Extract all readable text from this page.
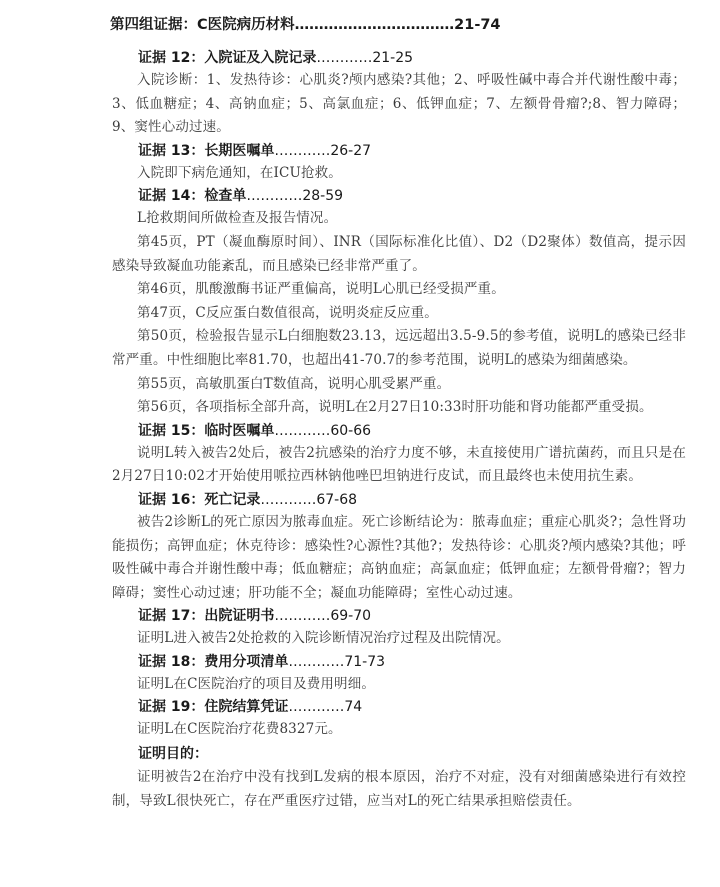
第四组证据：C医院病历材料……………………………21-74
证据 12：入院证及入院记录…………21-25

入院诊断：1、发热待诊：心肌炎?颅内感染?其他；2、呼吸性碱中毒合并代谢性酸中毒；3、低血糖症；4、高钠血症；5、高氯血症；6、低钾血症；7、左额骨骨瘤?;8、智力障碍；9、窦性心动过速。

证据 13：长期医嘱单…………26-27

入院即下病危通知，在ICU抢救。

证据 14：检查单…………28-59

L抢救期间所做检查及报告情况。

第45页，PT（凝血酶原时间）、INR（国际标准化比值）、D2（D2聚体）数值高，提示因感染导致凝血功能紊乱，而且感染已经非常严重了。

第46页，肌酸激酶书证严重偏高，说明L心肌已经受损严重。

第47页，C反应蛋白数值很高，说明炎症反应重。

第50页，检验报告显示L白细胞数23.13，远远超出3.5-9.5的参考值，说明L的感染已经非常严重。中性细胞比率81.70，也超出41-70.7的参考范围，说明L的感染为细菌感染。

第55页，高敏肌蛋白T数值高，说明心肌受累严重。

第56页，各项指标全部升高，说明L在2月27日10:33时肝功能和肾功能都严重受损。

证据 15：临时医嘱单…………60-66

说明L转入被告2处后，被告2抗感染的治疗力度不够，未直接使用广谱抗菌药，而且只是在2月27日10:02才开始使用哌拉西林钠他唑巴坦钠进行皮试，而且最终也未使用抗生素。

证据 16：死亡记录…………67-68

被告2诊断L的死亡原因为脓毒血症。死亡诊断结论为：脓毒血症；重症心肌炎?；急性肾功能损伤；高钾血症；休克待诊：感染性?心源性?其他?；发热待诊：心肌炎?颅内感染?其他；呼吸性碱中毒合并谢性酸中毒；低血糖症；高钠血症；高氯血症；低钾血症；左额骨骨瘤?；智力障碍；窦性心动过速；肝功能不全；凝血功能障碍；室性心动过速。

证据 17：出院证明书…………69-70

证明L进入被告2处抢救的入院诊断情况治疗过程及出院情况。

证据 18：费用分项清单…………71-73

证明L在C医院治疗的项目及费用明细。

证据 19：住院结算凭证…………74

证明L在C医院治疗花费8327元。

证明目的：

证明被告2在治疗中没有找到L发病的根本原因，治疗不对症，没有对细菌感染进行有效控制，导致L很快死亡，存在严重医疗过错，应当对L的死亡结果承担赔偿责任。
